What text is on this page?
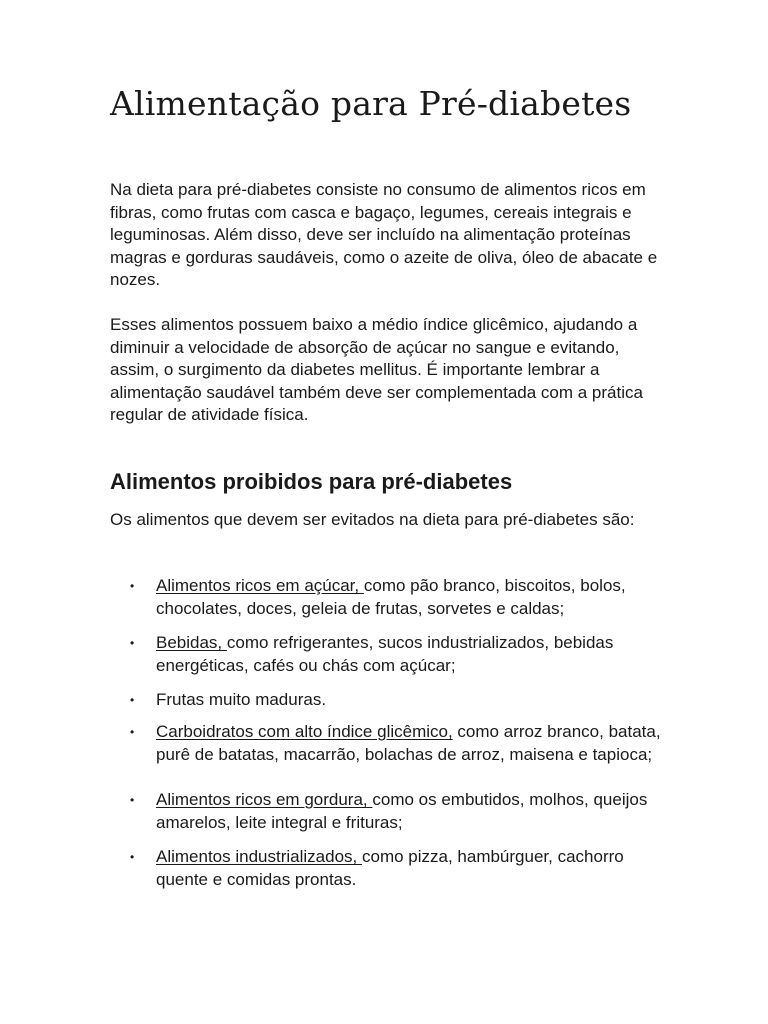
Alimentação para Pré-diabetes

Na dieta para pré-diabetes consiste no consumo de alimentos ricos em fibras, como frutas com casca e bagaço, legumes, cereais integrais e leguminosas. Além disso, deve ser incluído na alimentação proteínas magras e gorduras saudáveis, como o azeite de oliva, óleo de abacate e nozes.

Esses alimentos possuem baixo a médio índice glicêmico, ajudando a diminuir a velocidade de absorção de açúcar no sangue e evitando, assim, o surgimento da diabetes mellitus. É importante lembrar a alimentação saudável também deve ser complementada com a prática regular de atividade física.

Alimentos proibidos para pré-diabetes

Os alimentos que devem ser evitados na dieta para pré-diabetes são:

•	Alimentos ricos em açúcar, como pão branco, biscoitos, bolos, chocolates, doces, geleia de frutas, sorvetes e caldas;
•	Bebidas, como refrigerantes, sucos industrializados, bebidas energéticas, cafés ou chás com açúcar;
•	Frutas muito maduras.
•	Carboidratos com alto índice glicêmico, como arroz branco, batata, purê de batatas, macarrão, bolachas de arroz, maisena e tapioca;
•	Alimentos ricos em gordura, como os embutidos, molhos, queijos amarelos, leite integral e frituras;
•	Alimentos industrializados, como pizza, hambúrguer, cachorro quente e comidas prontas.
